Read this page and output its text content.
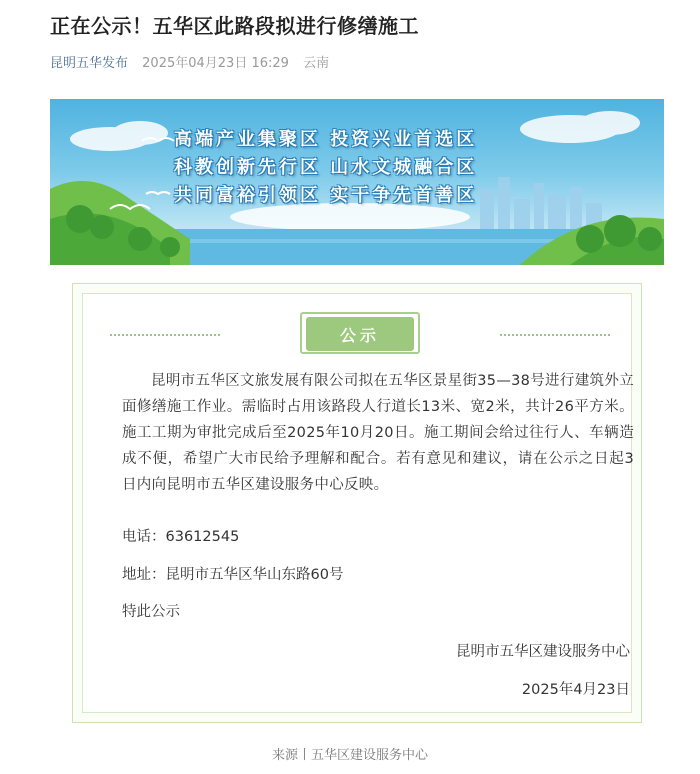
正在公示！五华区此路段拟进行修缮施工
昆明五华发布 2025年04月23日 16:29 云南
高端产业集聚区 投资兴业首选区
科教创新先行区 山水文城融合区
共同富裕引领区 实干争先首善区
公示
昆明市五华区文旅发展有限公司拟在五华区景星街35—38号进行建筑外立面修缮施工作业。需临时占用该路段人行道长13米、宽2米，共计26平方米。施工工期为审批完成后至2025年10月20日。施工期间会给过往行人、车辆造成不便，希望广大市民给予理解和配合。若有意见和建议，请在公示之日起3日内向昆明市五华区建设服务中心反映。
电话：63612545
地址：昆明市五华区华山东路60号
特此公示
昆明市五华区建设服务中心
2025年4月23日
来源丨五华区建设服务中心
